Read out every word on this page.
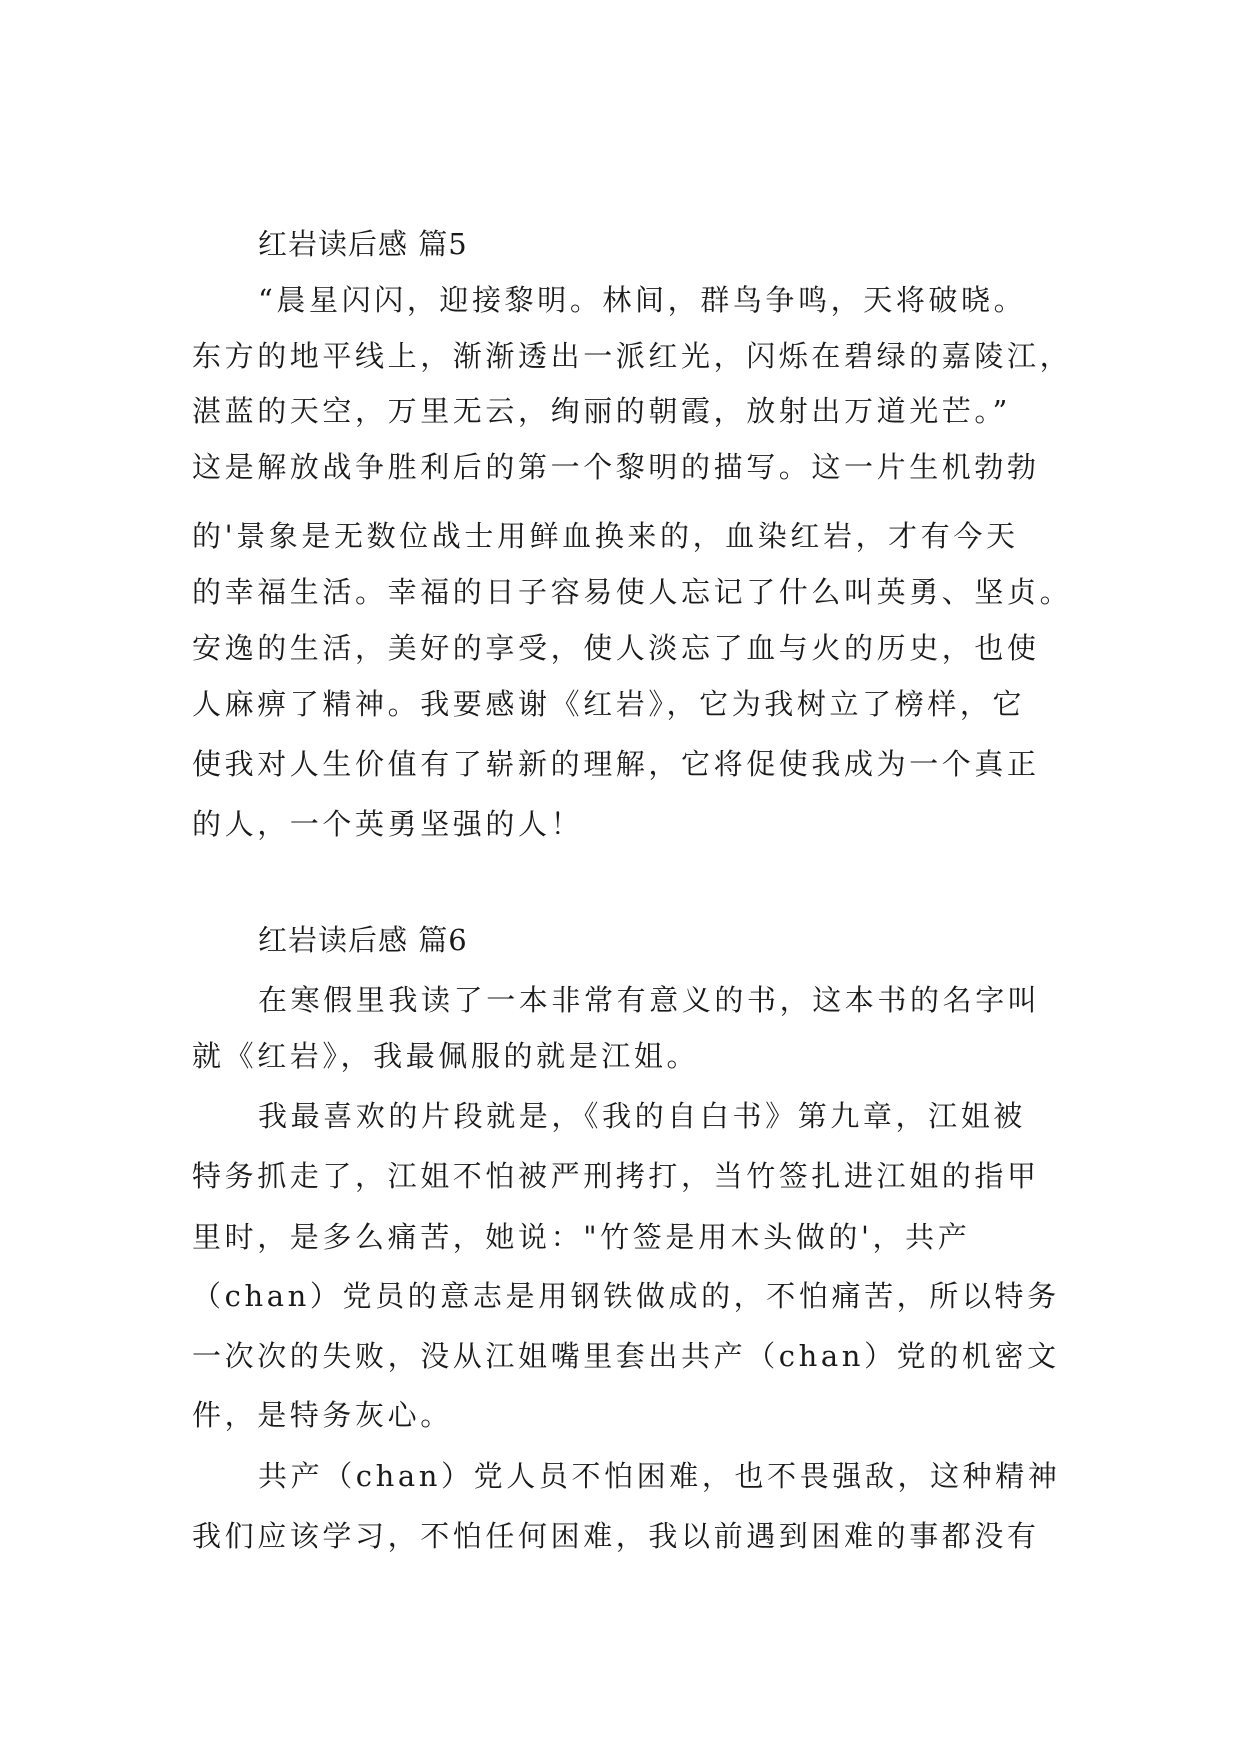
红岩读后感 篇5
“晨星闪闪，迎接黎明。林间，群鸟争鸣，天将破晓。
东方的地平线上，渐渐透出一派红光，闪烁在碧绿的嘉陵江，
湛蓝的天空，万里无云，绚丽的朝霞，放射出万道光芒。”
这是解放战争胜利后的第一个黎明的描写。这一片生机勃勃
的'景象是无数位战士用鲜血换来的，血染红岩，才有今天
的幸福生活。幸福的日子容易使人忘记了什么叫英勇、坚贞。
安逸的生活，美好的享受，使人淡忘了血与火的历史，也使
人麻痹了精神。我要感谢《红岩》，它为我树立了榜样，它
使我对人生价值有了崭新的理解，它将促使我成为一个真正
的人，一个英勇坚强的人！
红岩读后感 篇6
在寒假里我读了一本非常有意义的书，这本书的名字叫
就《红岩》，我最佩服的就是江姐。
我最喜欢的片段就是，《我的自白书》第九章，江姐被
特务抓走了，江姐不怕被严刑拷打，当竹签扎进江姐的指甲
里时，是多么痛苦，她说："竹签是用木头做的'，共产
（chan）党员的意志是用钢铁做成的，不怕痛苦，所以特务
一次次的失败，没从江姐嘴里套出共产（chan）党的机密文
件，是特务灰心。
共产（chan）党人员不怕困难，也不畏强敌，这种精神
我们应该学习，不怕任何困难，我以前遇到困难的事都没有
